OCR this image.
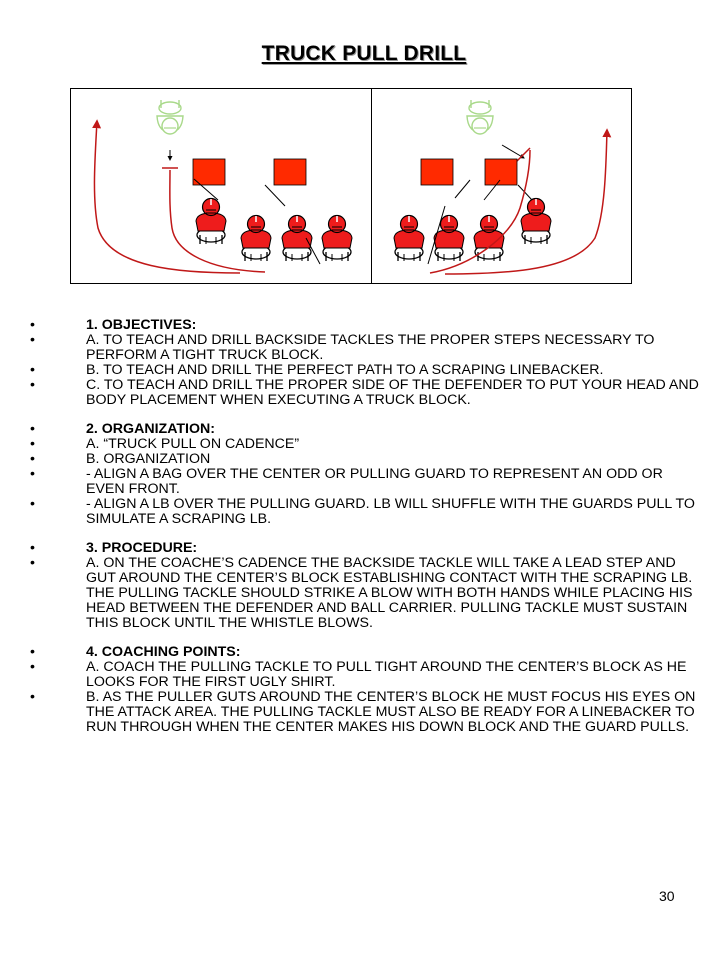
TRUCK PULL DRILL
•	1. OBJECTIVES:
•	A. TO TEACH AND DRILL BACKSIDE TACKLES THE PROPER STEPS NECESSARY TO PERFORM A TIGHT TRUCK BLOCK.
•	B. TO TEACH AND DRILL THE PERFECT PATH TO A SCRAPING LINEBACKER.
•	C. TO TEACH AND DRILL THE PROPER SIDE OF THE DEFENDER TO PUT YOUR HEAD AND BODY PLACEMENT WHEN EXECUTING A TRUCK BLOCK.
•	2. ORGANIZATION:
•	A. “TRUCK PULL ON CADENCE”
•	B. ORGANIZATION
•	- ALIGN A BAG OVER THE CENTER OR PULLING GUARD TO REPRESENT AN ODD OR EVEN FRONT.
•	- ALIGN A LB OVER THE PULLING GUARD. LB WILL SHUFFLE WITH THE GUARDS PULL TO SIMULATE A SCRAPING LB.
•	3. PROCEDURE:
•	A. ON THE COACHE’S CADENCE THE BACKSIDE TACKLE WILL TAKE A LEAD STEP AND GUT AROUND THE CENTER’S BLOCK ESTABLISHING CONTACT WITH THE SCRAPING LB. THE PULLING TACKLE SHOULD STRIKE A BLOW WITH BOTH HANDS WHILE PLACING HIS HEAD BETWEEN THE DEFENDER AND BALL CARRIER. PULLING TACKLE MUST SUSTAIN THIS BLOCK UNTIL THE WHISTLE BLOWS.
•	4. COACHING POINTS:
•	A. COACH THE PULLING TACKLE TO PULL TIGHT AROUND THE CENTER’S BLOCK AS HE LOOKS FOR THE FIRST UGLY SHIRT.
•	B. AS THE PULLER GUTS AROUND THE CENTER’S BLOCK HE MUST FOCUS HIS EYES ON THE ATTACK AREA. THE PULLING TACKLE MUST ALSO BE READY FOR A LINEBACKER TO RUN THROUGH WHEN THE CENTER MAKES HIS DOWN BLOCK AND THE GUARD PULLS.
30
